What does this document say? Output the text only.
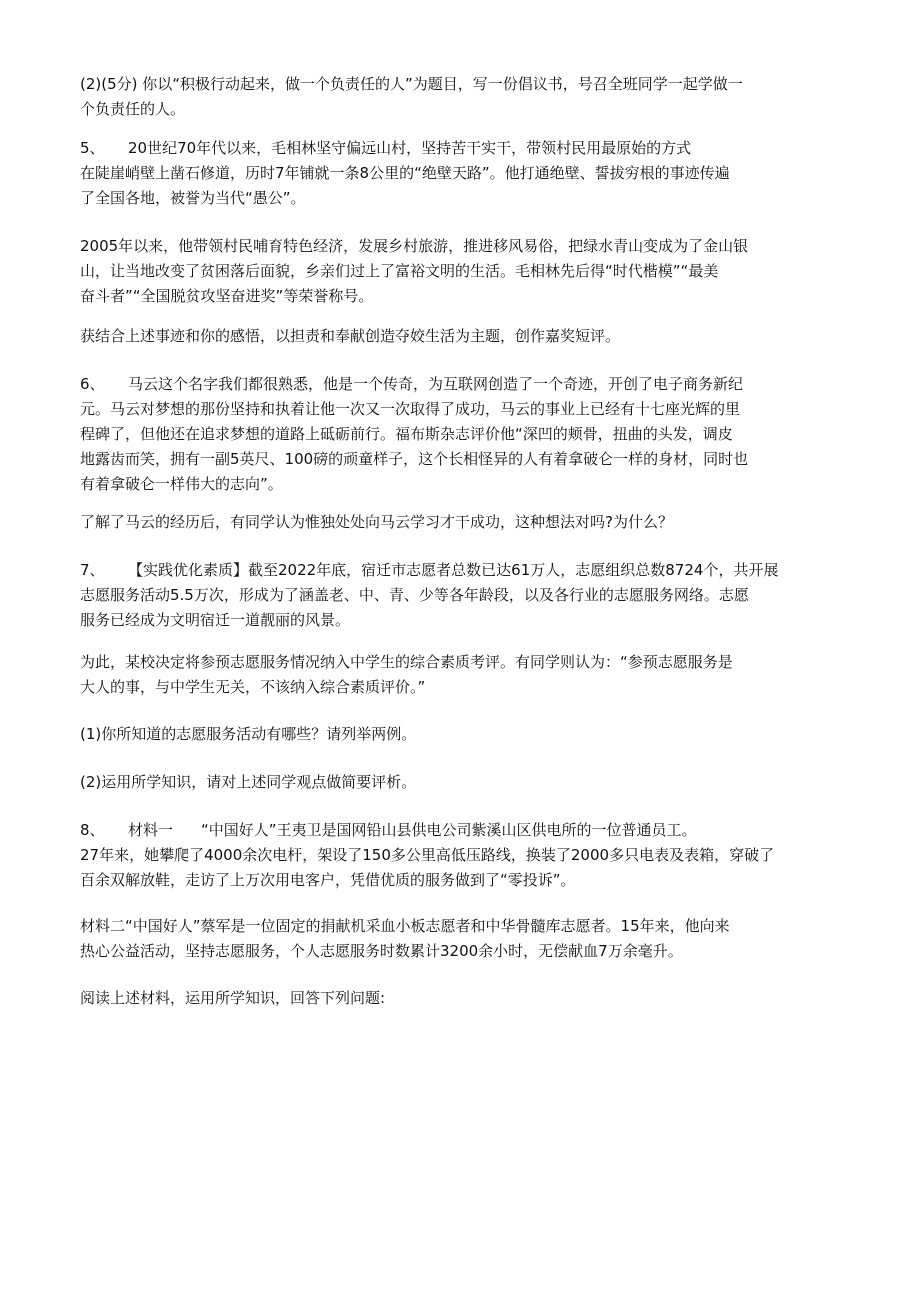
(2)(5分) 你以“积极行动起来，做一个负责任的人”为题目，写一份倡议书，号召全班同学一起学做一
个负责任的人。
5、 20世纪70年代以来，毛相林坚守偏远山村，坚持苦干实干，带领村民用最原始的方式
在陡崖峭壁上凿石修道，历时7年铺就一条8公里的“绝壁天路”。他打通绝壁、誓拔穷根的事迹传遍
了全国各地，被誉为当代“愚公”。
2005年以来，他带领村民哺育特色经济，发展乡村旅游，推进移风易俗，把绿水青山变成为了金山银
山，让当地改变了贫困落后面貌，乡亲们过上了富裕文明的生活。毛相林先后得“时代楷模”“最美
奋斗者”“全国脱贫攻坚奋进奖”等荣誉称号。
获结合上述事迹和你的感悟，以担责和奉献创造夺姣生活为主题，创作嘉奖短评。
6、 马云这个名字我们都很熟悉，他是一个传奇，为互联网创造了一个奇迹，开创了电子商务新纪
元。马云对梦想的那份坚持和执着让他一次又一次取得了成功，马云的事业上已经有十七座光辉的里
程碑了，但他还在追求梦想的道路上砥砺前行。福布斯杂志评价他“深凹的颊骨，扭曲的头发，调皮
地露齿而笑，拥有一副5英尺、100磅的顽童样子，这个长相怪异的人有着拿破仑一样的身材，同时也
有着拿破仑一样伟大的志向”。
了解了马云的经历后，有同学认为惟独处处向马云学习才干成功，这种想法对吗?为什么？
7、 【实践优化素质】截至2022年底，宿迁市志愿者总数已达61万人，志愿组织总数8724个，共开展
志愿服务活动5.5万次，形成为了涵盖老、中、青、少等各年龄段，以及各行业的志愿服务网络。志愿
服务已经成为文明宿迁一道靓丽的风景。
为此，某校决定将参预志愿服务情况纳入中学生的综合素质考评。有同学则认为：“参预志愿服务是
大人的事，与中学生无关，不该纳入综合素质评价。”
(1)你所知道的志愿服务活动有哪些？请列举两例。
(2)运用所学知识，请对上述同学观点做简要评析。
8、 材料一 “中国好人”王夷卫是国网铅山县供电公司紫溪山区供电所的一位普通员工。
27年来，她攀爬了4000余次电杆，架设了150多公里高低压路线，换装了2000多只电表及表箱，穿破了
百余双解放鞋，走访了上万次用电客户，凭借优质的服务做到了“零投诉”。
材料二“中国好人”蔡军是一位固定的捐献机采血小板志愿者和中华骨髓库志愿者。15年来，他向来
热心公益活动，坚持志愿服务，个人志愿服务时数累计3200余小时，无偿献血7万余毫升。
阅读上述材料，运用所学知识，回答下列问题:
